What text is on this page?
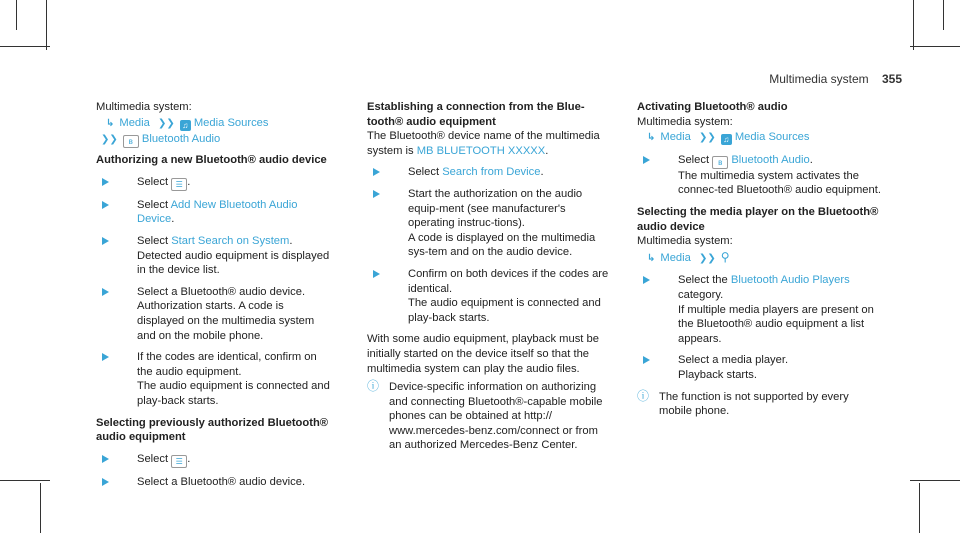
Multimedia system 355

Multimedia system:

↳ Media ❯❯ ♫ Media Sources

❯❯ ʙ Bluetooth Audio

Authorizing a new Bluetooth® audio device

Select ☰ .
Select Add New Bluetooth Audio Device.
Select Start Search on System.
Detected audio equipment is displayed in the device list.
Select a Bluetooth® audio device.
Authorization starts. A code is displayed on the multimedia system and on the mobile phone.
If the codes are identical, confirm on the audio equipment.
The audio equipment is connected and play-back starts.

Selecting previously authorized Bluetooth® audio equipment

Select ☰ .
Select a Bluetooth® audio device.

Establishing a connection from the Blue-tooth® audio equipment

The Bluetooth® device name of the multimedia system is MB BLUETOOTH XXXXX.

Select Search from Device.
Start the authorization on the audio equip-ment (see manufacturer's operating instruc-tions).
A code is displayed on the multimedia sys-tem and on the audio device.
Confirm on both devices if the codes are identical.
The audio equipment is connected and play-back starts.

With some audio equipment, playback must be initially started on the device itself so that the multimedia system can play the audio files.

ⓘ Device-specific information on authorizing and connecting Bluetooth®-capable mobile phones can be obtained at http:// www.mercedes-benz.com/connect or from an authorized Mercedes-Benz Center.

Activating Bluetooth® audio

Multimedia system:

↳ Media ❯❯ ♫ Media Sources

Select ʙ Bluetooth Audio.
The multimedia system activates the connec-ted Bluetooth® audio equipment.

Selecting the media player on the Bluetooth® audio device

Multimedia system:

↳ Media ❯❯ ⚲

Select the Bluetooth Audio Players category.
If multiple media players are present on the Bluetooth® audio equipment a list appears.
Select a media player.
Playback starts.
ⓘ The function is not supported by every mobile phone.
